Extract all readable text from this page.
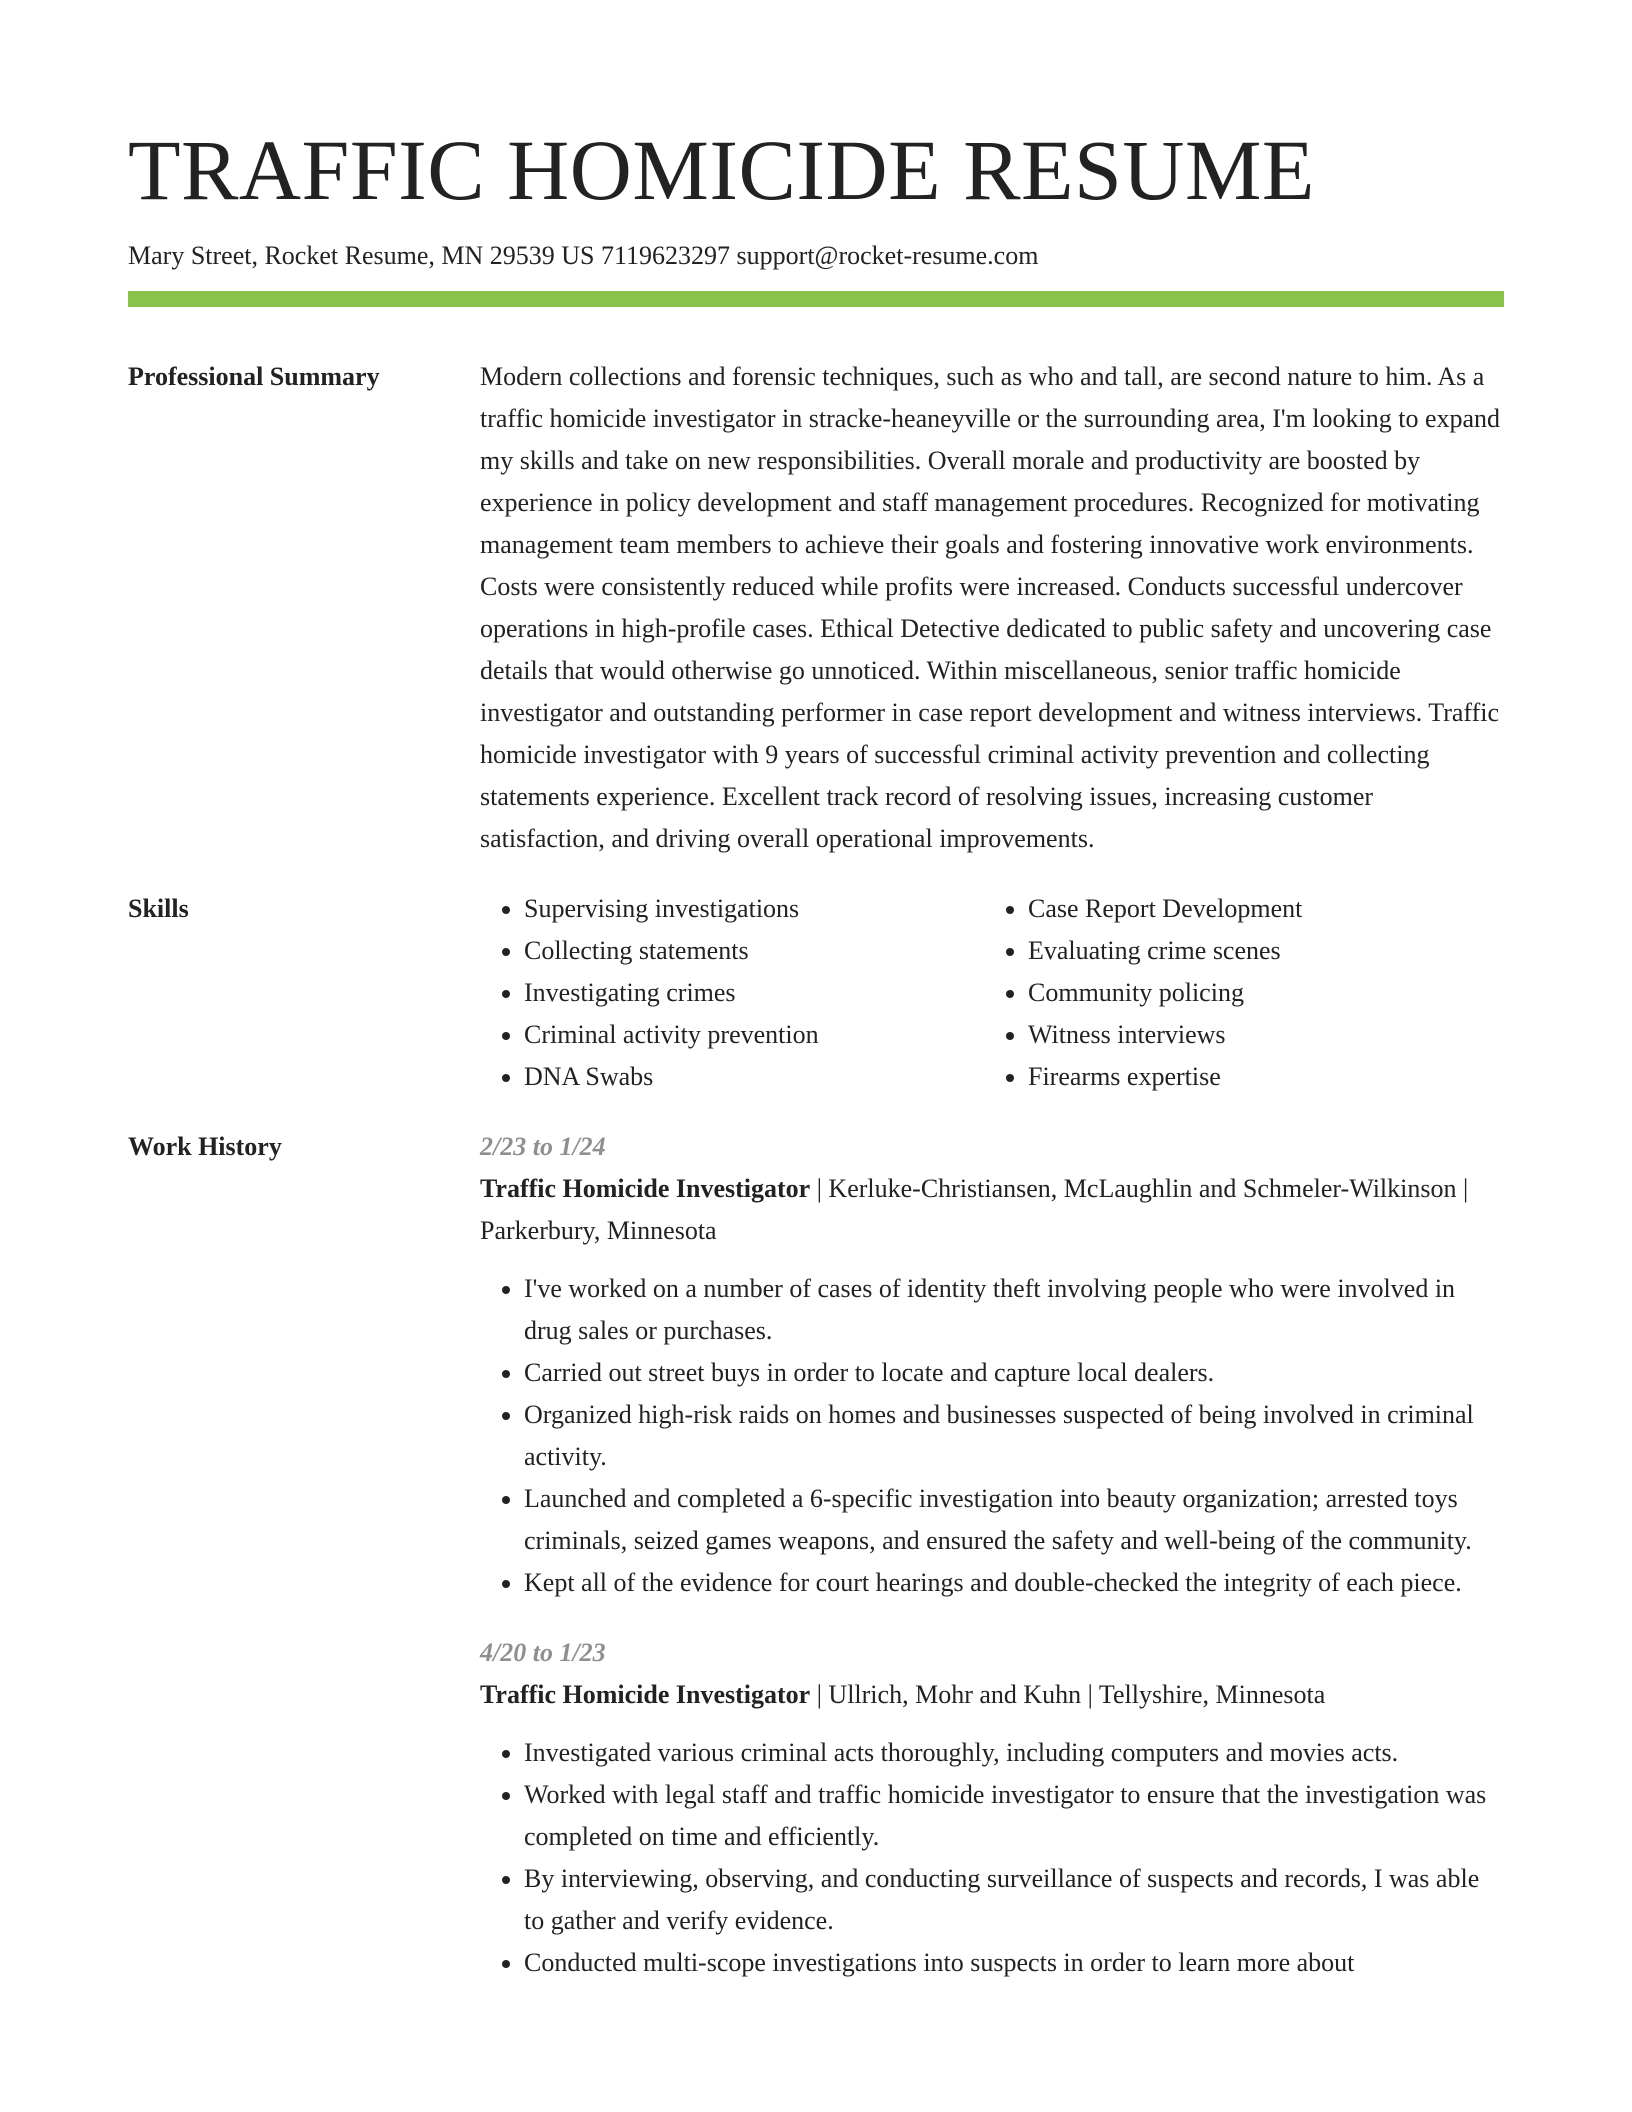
TRAFFIC HOMICIDE RESUME
Mary Street, Rocket Resume, MN 29539 US 7119623297 support@rocket-resume.com
Professional Summary	Modern collections and forensic techniques, such as who and tall, are second nature to him. As a traffic homicide investigator in stracke-heaneyville or the surrounding area, I'm looking to expand my skills and take on new responsibilities. Overall morale and productivity are boosted by experience in policy development and staff management procedures. Recognized for motivating management team members to achieve their goals and fostering innovative work environments. Costs were consistently reduced while profits were increased. Conducts successful undercover operations in high-profile cases. Ethical Detective dedicated to public safety and uncovering case details that would otherwise go unnoticed. Within miscellaneous, senior traffic homicide investigator and outstanding performer in case report development and witness interviews. Traffic homicide investigator with 9 years of successful criminal activity prevention and collecting statements experience. Excellent track record of resolving issues, increasing customer satisfaction, and driving overall operational improvements.

Skills
•	Supervising investigations
• Collecting statements
• Investigating crimes
• Criminal activity prevention
• DNA Swabs
• Case Report Development
• Evaluating crime scenes
• Community policing
• Witness interviews
• Firearms expertise
Work History	2/23 to 1/24
Traffic Homicide Investigator | Kerluke-Christiansen, McLaughlin and Schmeler-Wilkinson | Parkerbury, Minnesota
• I've worked on a number of cases of identity theft involving people who were involved in drug sales or purchases.
• Carried out street buys in order to locate and capture local dealers.
• Organized high-risk raids on homes and businesses suspected of being involved in criminal activity.
• Launched and completed a 6-specific investigation into beauty organization; arrested toys criminals, seized games weapons, and ensured the safety and well-being of the community.
• Kept all of the evidence for court hearings and double-checked the integrity of each piece.
4/20 to 1/23
Traffic Homicide Investigator | Ullrich, Mohr and Kuhn | Tellyshire, Minnesota
• Investigated various criminal acts thoroughly, including computers and movies acts.
• Worked with legal staff and traffic homicide investigator to ensure that the investigation was completed on time and efficiently.
• By interviewing, observing, and conducting surveillance of suspects and records, I was able to gather and verify evidence.
• Conducted multi-scope investigations into suspects in order to learn more about
